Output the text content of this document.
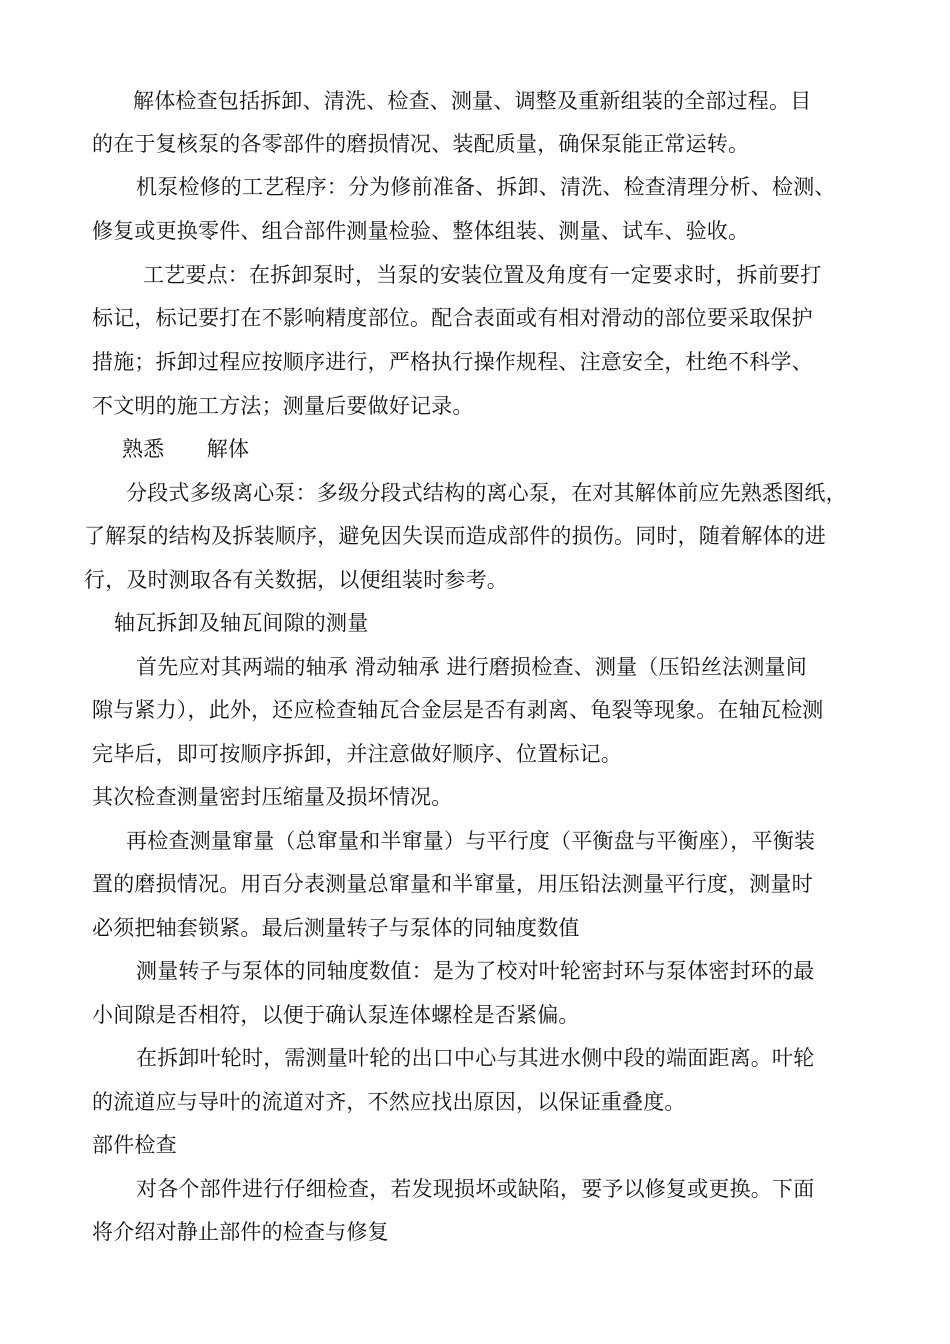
解体检查包括拆卸、清洗、检查、测量、调整及重新组装的全部过程。目
的在于复核泵的各零部件的磨损情况、装配质量，确保泵能正常运转。
机泵检修的工艺程序：分为修前准备、拆卸、清洗、检查清理分析、检测、
修复或更换零件、组合部件测量检验、整体组装、测量、试车、验收。
工艺要点：在拆卸泵时，当泵的安装位置及角度有一定要求时，拆前要打
标记，标记要打在不影响精度部位。配合表面或有相对滑动的部位要采取保护
措施；拆卸过程应按顺序进行，严格执行操作规程、注意安全，杜绝不科学、
不文明的施工方法；测量后要做好记录。
熟悉　　解体
分段式多级离心泵：多级分段式结构的离心泵，在对其解体前应先熟悉图纸，
了解泵的结构及拆装顺序，避免因失误而造成部件的损伤。同时，随着解体的进
行，及时测取各有关数据，以便组装时参考。
轴瓦拆卸及轴瓦间隙的测量
首先应对其两端的轴承 滑动轴承 进行磨损检查、测量（压铅丝法测量间
隙与紧力），此外，还应检查轴瓦合金层是否有剥离、龟裂等现象。在轴瓦检测
完毕后，即可按顺序拆卸，并注意做好顺序、位置标记。
其次检查测量密封压缩量及损坏情况。
再检查测量窜量（总窜量和半窜量）与平行度（平衡盘与平衡座），平衡装
置的磨损情况。用百分表测量总窜量和半窜量，用压铅法测量平行度，测量时
必须把轴套锁紧。最后测量转子与泵体的同轴度数值
测量转子与泵体的同轴度数值：是为了校对叶轮密封环与泵体密封环的最
小间隙是否相符，以便于确认泵连体螺栓是否紧偏。
在拆卸叶轮时，需测量叶轮的出口中心与其进水侧中段的端面距离。叶轮
的流道应与导叶的流道对齐，不然应找出原因，以保证重叠度。
部件检查
对各个部件进行仔细检查，若发现损坏或缺陷，要予以修复或更换。下面
将介绍对静止部件的检查与修复
